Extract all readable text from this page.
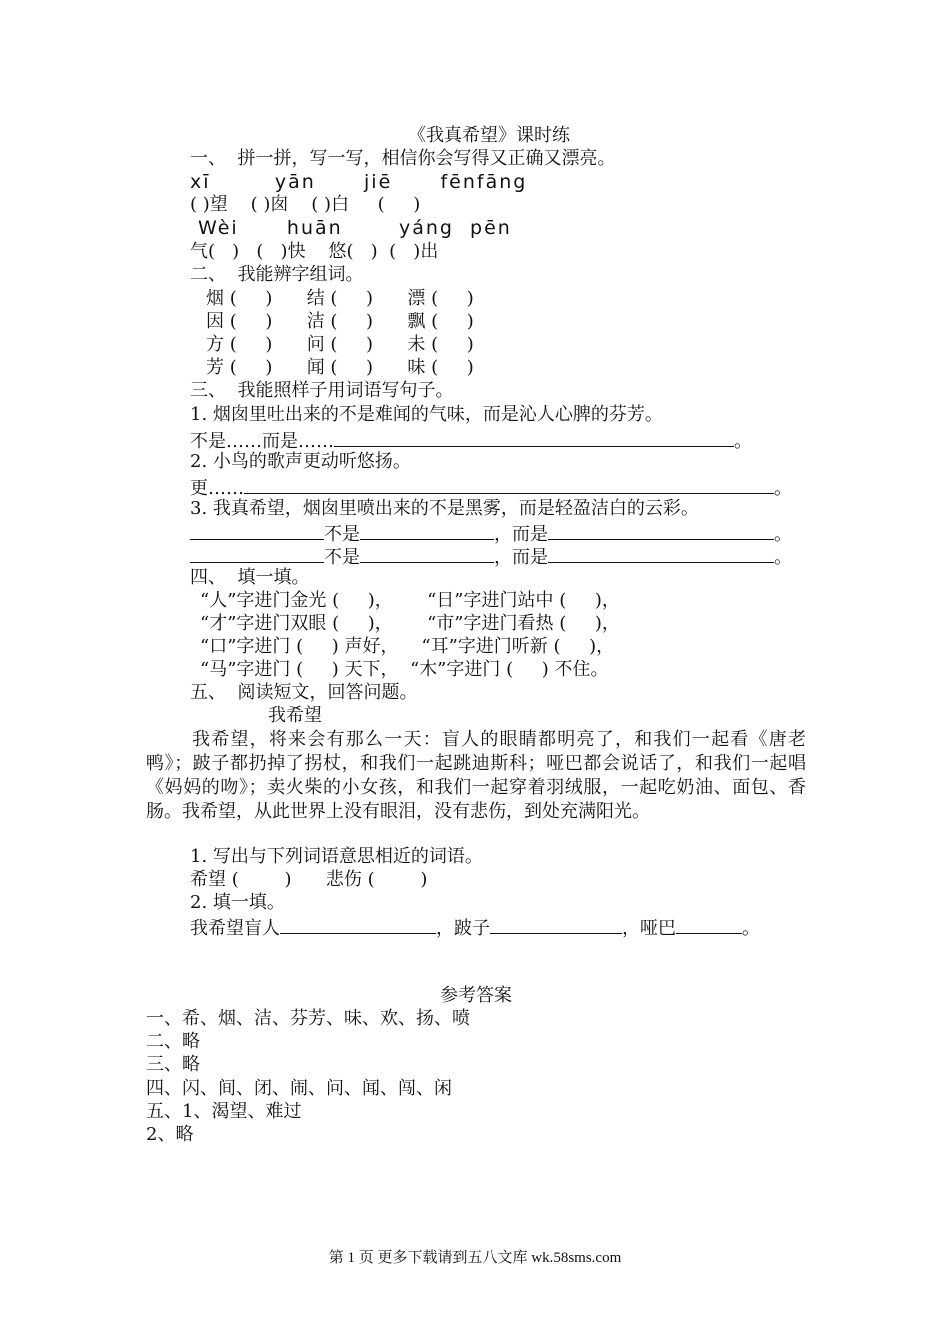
《我真希望》课时练
一、  拼一拼，写一写，相信你会写得又正确又漂亮。
xī        yān      jiē      fēnfāng
( )望    ( )囱    ( )白     (     )
Wèi      huān       yáng  pēn
气(   )   (   )快    悠(   )  (   )出
二、  我能辨字组词。
烟 (     )      结 (     )      漂 (     )
因 (     )      洁 (     )      飘 (     )
方 (     )      问 (     )      未 (     )
芳 (     )      闻 (     )      味 (     )
三、  我能照样子用词语写句子。
1. 烟囱里吐出来的不是难闻的气味，而是沁人心脾的芬芳。
不是……而是……	。
2. 小鸟的歌声更动听悠扬。
更……	。
3. 我真希望，烟囱里喷出来的不是黑雾，而是轻盈洁白的云彩。
不是	，而是	。
不是	，而是	。
四、  填一填。
“人”字进门金光 (     )，      “日”字进门站中 (     )，
“才”字进门双眼 (     )，      “市”字进门看热 (     )，
“口”字进门 (     ) 声好，    “耳”字进门听新 (     )，
“马”字进门 (     ) 天下，  “木”字进门 (     ) 不住。
五、  阅读短文，回答问题。
我希望
我希望，将来会有那么一天：盲人的眼睛都明亮了，和我们一起看《唐老鸭》；跛子都扔掉了拐杖，和我们一起跳迪斯科；哑巴都会说话了，和我们一起唱《妈妈的吻》；卖火柴的小女孩，和我们一起穿着羽绒服，一起吃奶油、面包、香肠。我希望，从此世界上没有眼泪，没有悲伤，到处充满阳光。
1. 写出与下列词语意思相近的词语。
希望 (        )      悲伤 (        )
2. 填一填。
我希望盲人	，跛子	，哑巴	。
参考答案
一、希、烟、洁、芬芳、味、欢、扬、喷
二、略
三、略
四、闪、间、闭、闹、问、闻、闯、闲
五、1、渴望、难过
2、略
第 1 页 更多下载请到五八文库 wk.58sms.com
